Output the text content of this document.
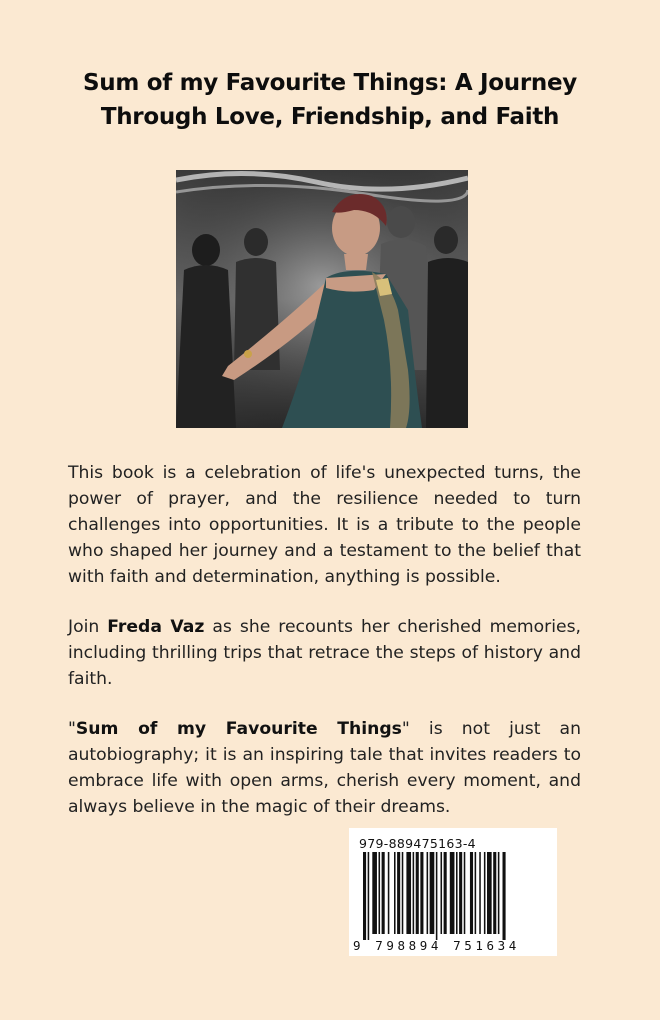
Sum of my Favourite Things: A Journey
Through Love, Friendship, and Faith

This book is a celebration of life's unexpected turns, the power of prayer, and the resilience needed to turn challenges into opportunities. It is a tribute to the people who shaped her journey and a testament to the belief that with faith and determination, anything is possible.

Join Freda Vaz as she recounts her cherished memories, including thrilling trips that retrace the steps of history and faith.

"Sum of my Favourite Things" is not just an autobiography; it is an inspiring tale that invites readers to embrace life with open arms, cherish every moment, and always believe in the magic of their dreams.

979-889475163-4
9 798894 751634
